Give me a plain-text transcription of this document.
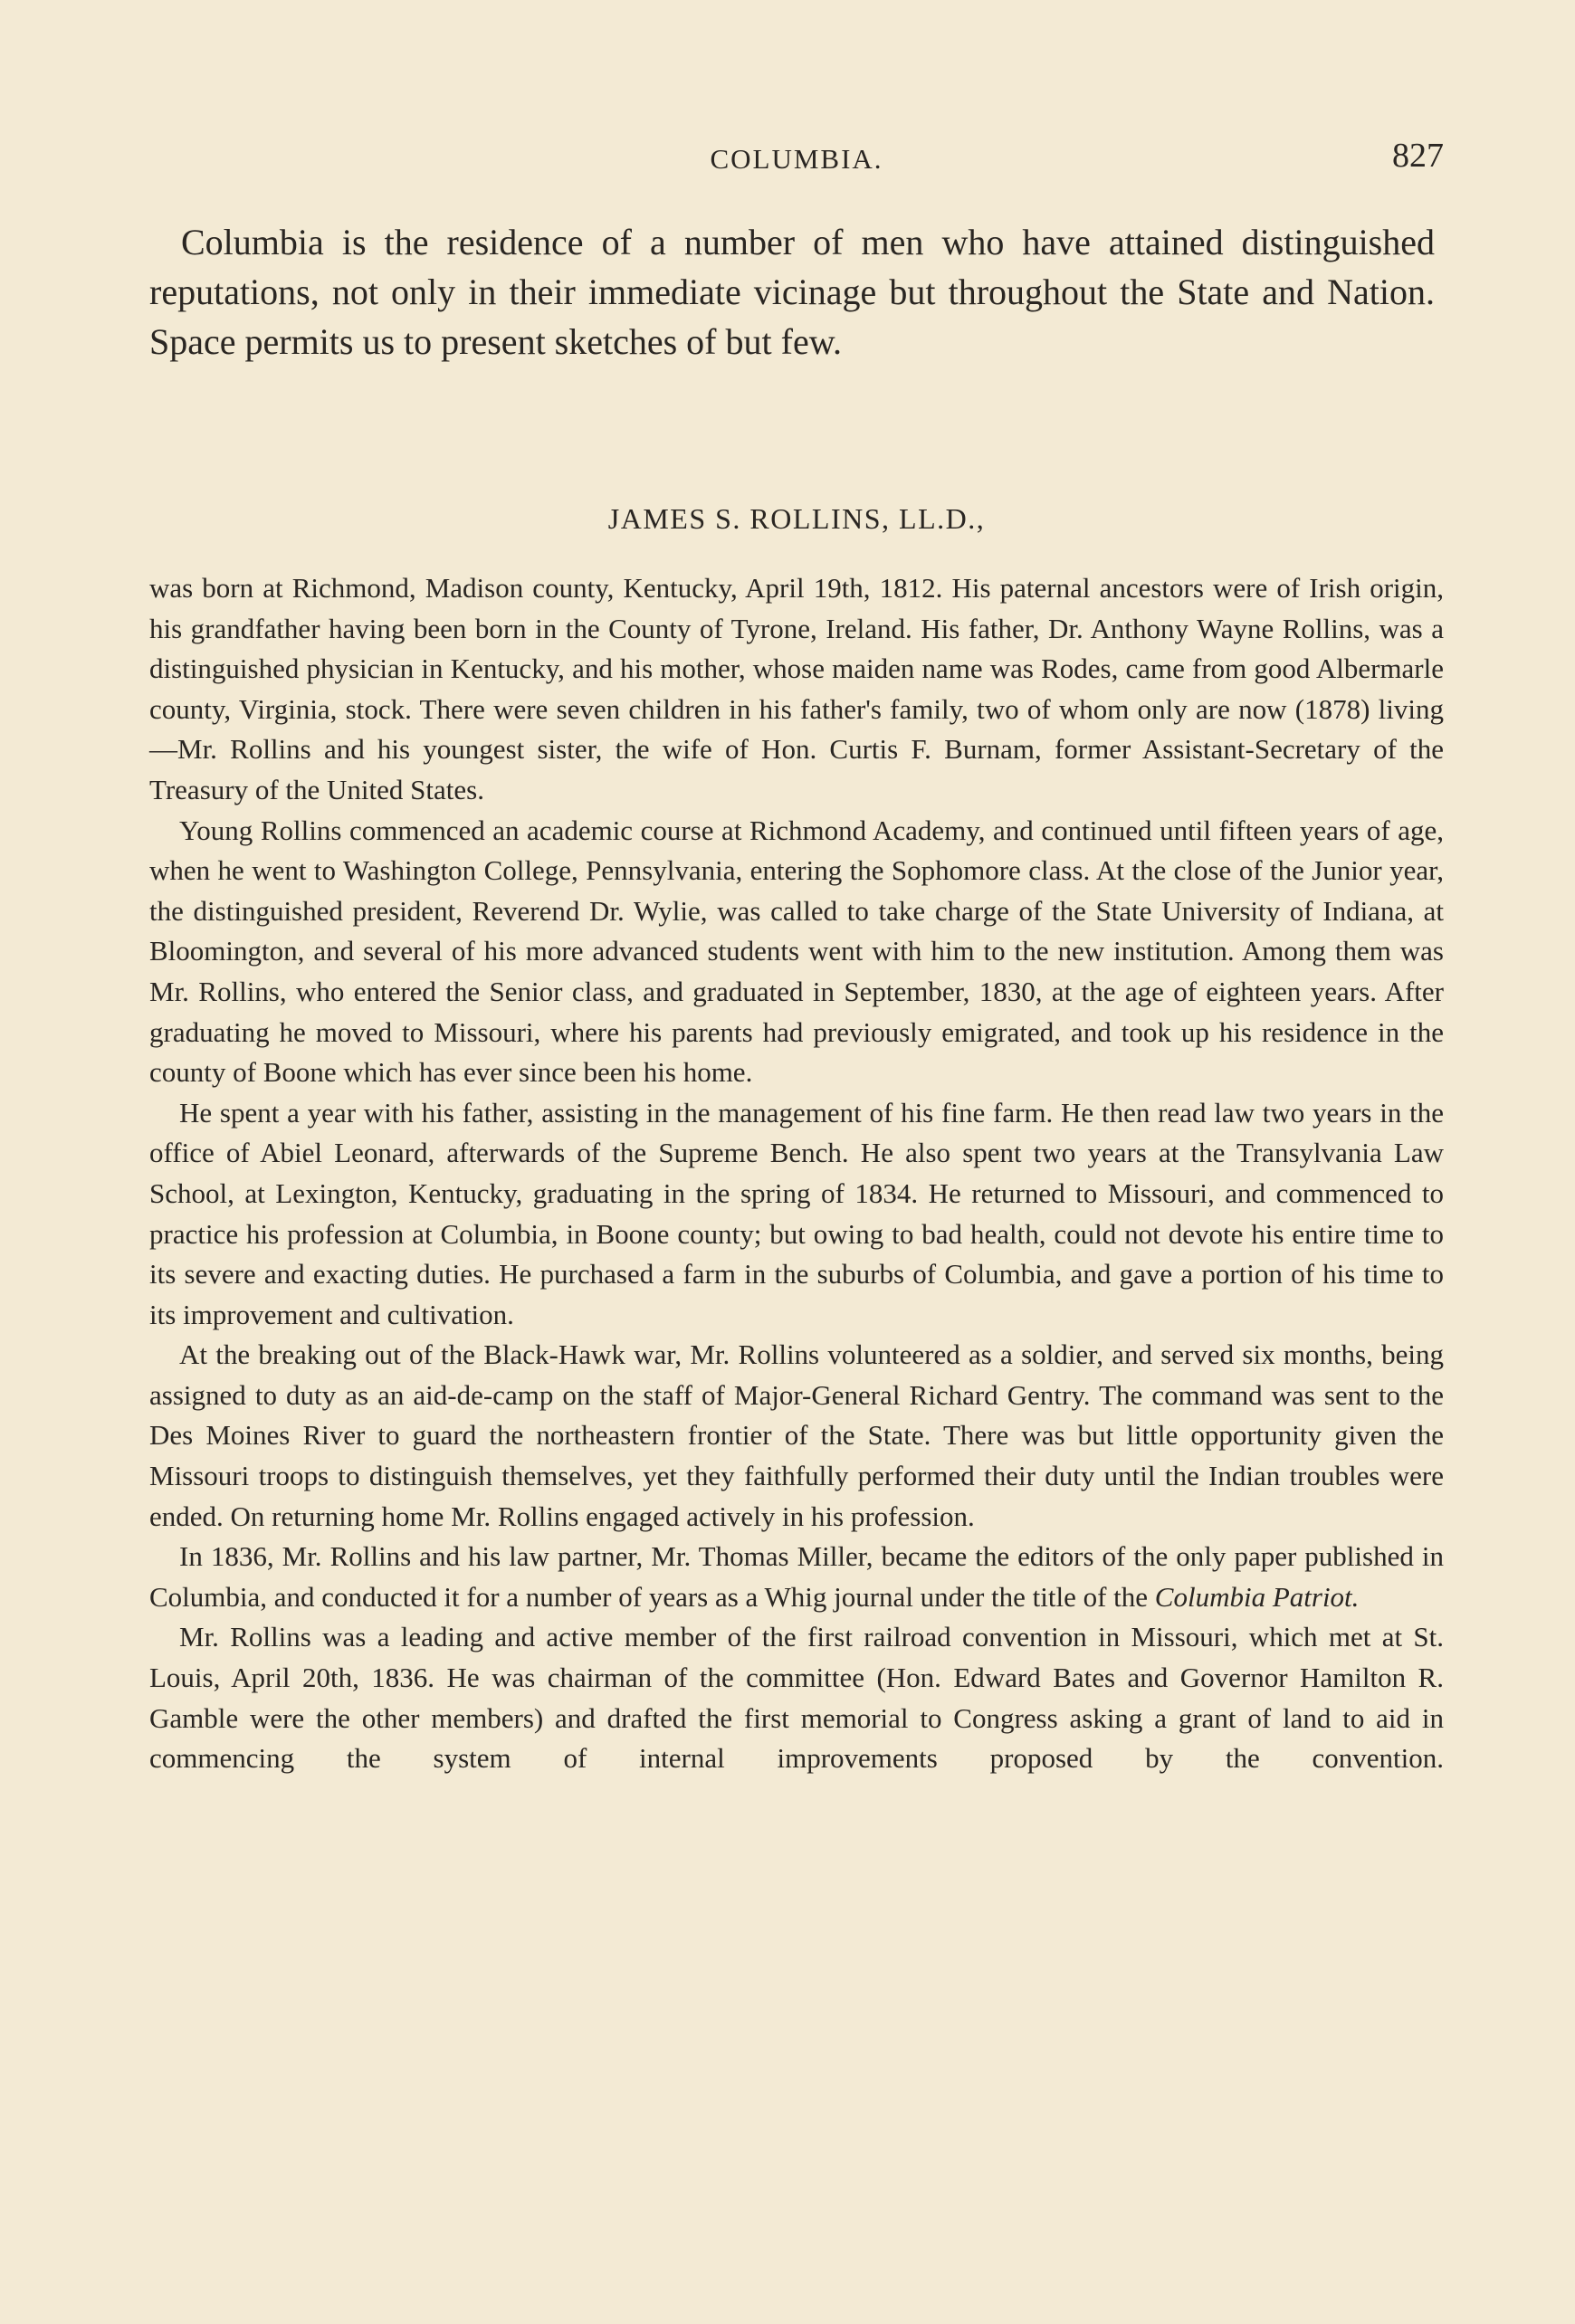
COLUMBIA.	827

Columbia is the residence of a number of men who have attained distinguished reputations, not only in their immediate vicinage but throughout the State and Nation. Space permits us to present sketches of but few.

JAMES S. ROLLINS, LL.D.,

was born at Richmond, Madison county, Kentucky, April 19th, 1812. His paternal ancestors were of Irish origin, his grandfather having been born in the County of Tyrone, Ireland. His father, Dr. Anthony Wayne Rollins, was a distinguished physician in Kentucky, and his mother, whose maiden name was Rodes, came from good Albermarle county, Virginia, stock. There were seven children in his father's family, two of whom only are now (1878) living—Mr. Rollins and his youngest sister, the wife of Hon. Curtis F. Burnam, former Assistant-Secretary of the Treasury of the United States.

Young Rollins commenced an academic course at Richmond Academy, and continued until fifteen years of age, when he went to Washington College, Pennsylvania, entering the Sophomore class. At the close of the Junior year, the distinguished president, Reverend Dr. Wylie, was called to take charge of the State University of Indiana, at Bloomington, and several of his more advanced students went with him to the new institution. Among them was Mr. Rollins, who entered the Senior class, and graduated in September, 1830, at the age of eighteen years. After graduating he moved to Missouri, where his parents had previously emigrated, and took up his residence in the county of Boone which has ever since been his home.

He spent a year with his father, assisting in the management of his fine farm. He then read law two years in the office of Abiel Leonard, afterwards of the Supreme Bench. He also spent two years at the Transylvania Law School, at Lexington, Kentucky, graduating in the spring of 1834. He returned to Missouri, and commenced to practice his profession at Columbia, in Boone county; but owing to bad health, could not devote his entire time to its severe and exacting duties. He purchased a farm in the suburbs of Columbia, and gave a portion of his time to its improvement and cultivation.

At the breaking out of the Black-Hawk war, Mr. Rollins volunteered as a soldier, and served six months, being assigned to duty as an aid-de-camp on the staff of Major-General Richard Gentry. The command was sent to the Des Moines River to guard the northeastern frontier of the State. There was but little opportunity given the Missouri troops to distinguish themselves, yet they faithfully performed their duty until the Indian troubles were ended. On returning home Mr. Rollins engaged actively in his profession.

In 1836, Mr. Rollins and his law partner, Mr. Thomas Miller, became the editors of the only paper published in Columbia, and conducted it for a number of years as a Whig journal under the title of the Columbia Patriot.

Mr. Rollins was a leading and active member of the first railroad convention in Missouri, which met at St. Louis, April 20th, 1836. He was chairman of the committee (Hon. Edward Bates and Governor Hamilton R. Gamble were the other members) and drafted the first memorial to Congress asking a grant of land to aid in commencing the system of internal improvements proposed by the convention.
